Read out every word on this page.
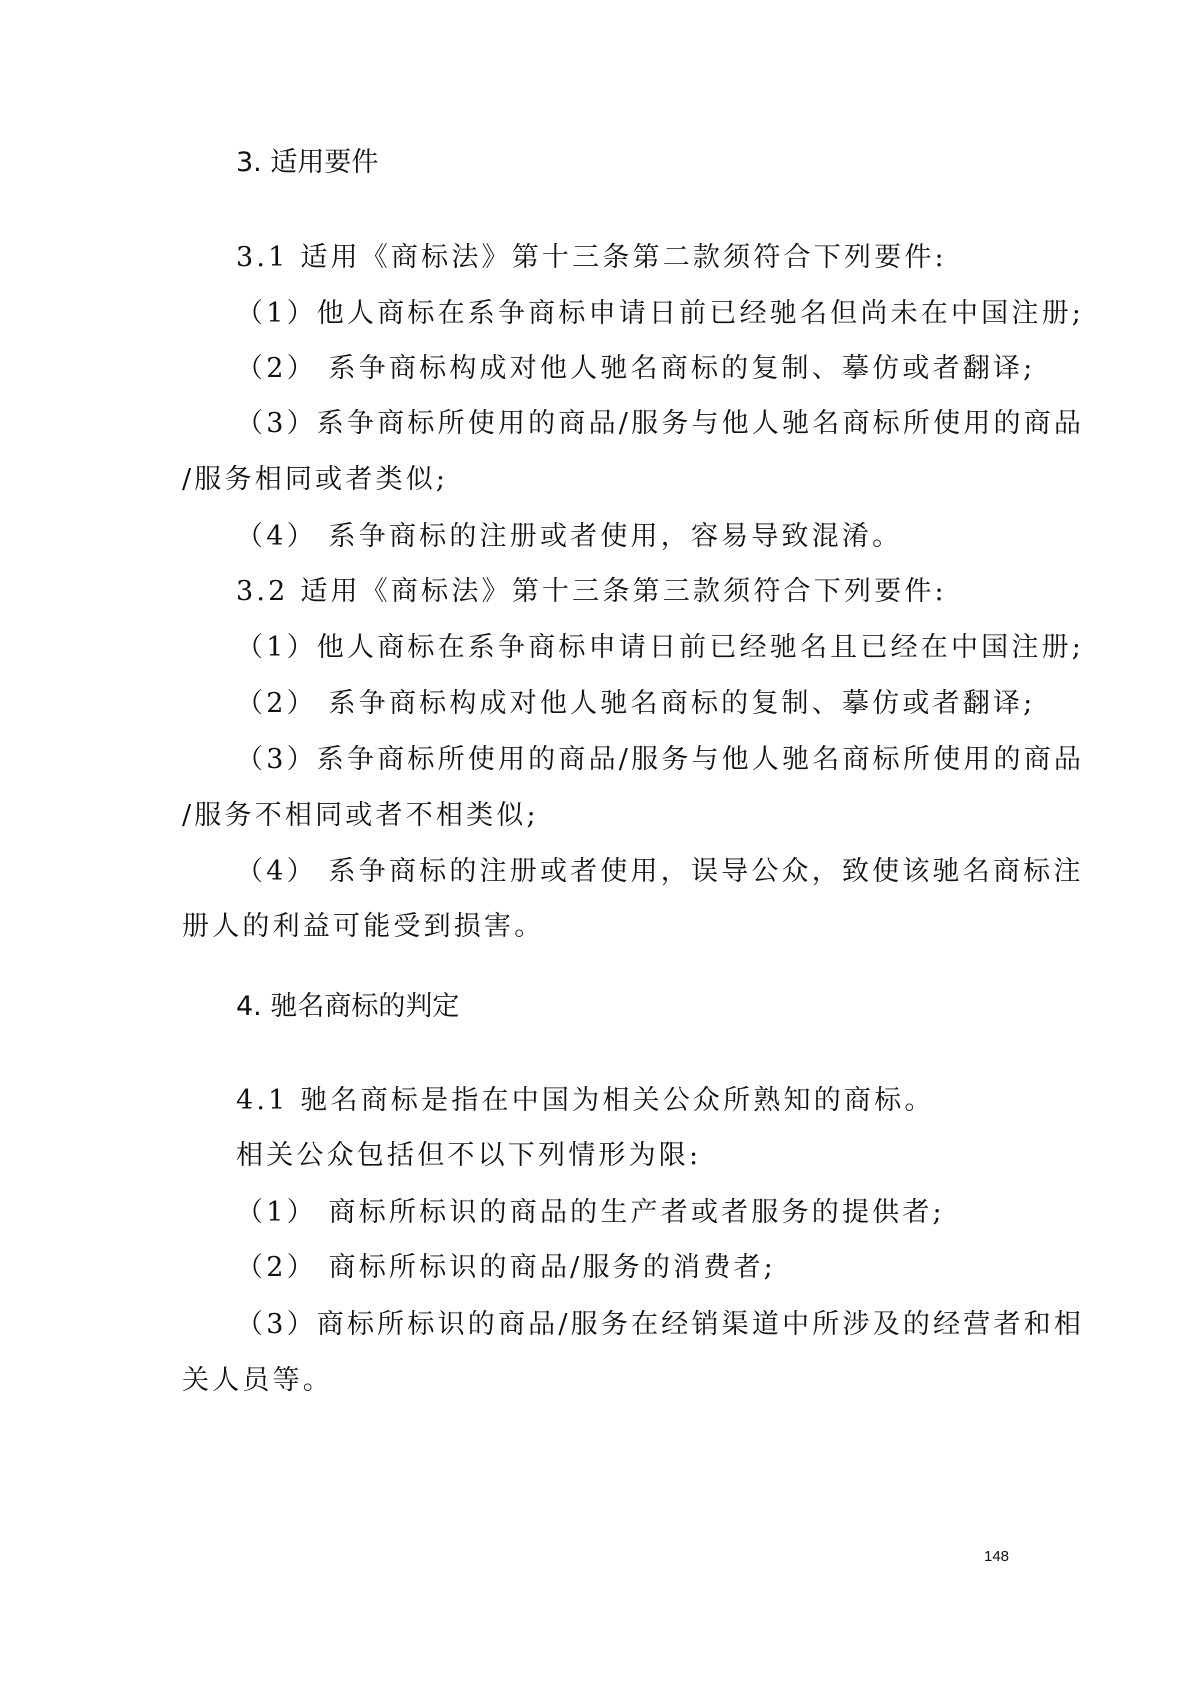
3. 适用要件
3.1 适用《商标法》第十三条第二款须符合下列要件:
（1）他人商标在系争商标申请日前已经驰名但尚未在中国注册;
（2） 系争商标构成对他人驰名商标的复制、摹仿或者翻译;
（3）系争商标所使用的商品/服务与他人驰名商标所使用的商品
/服务相同或者类似;
（4） 系争商标的注册或者使用，容易导致混淆。
3.2 适用《商标法》第十三条第三款须符合下列要件:
（1）他人商标在系争商标申请日前已经驰名且已经在中国注册;
（2） 系争商标构成对他人驰名商标的复制、摹仿或者翻译;
（3）系争商标所使用的商品/服务与他人驰名商标所使用的商品
/服务不相同或者不相类似;
（4） 系争商标的注册或者使用，误导公众，致使该驰名商标注
册人的利益可能受到损害。
4. 驰名商标的判定
4.1 驰名商标是指在中国为相关公众所熟知的商标。
相关公众包括但不以下列情形为限:
（1） 商标所标识的商品的生产者或者服务的提供者;
（2） 商标所标识的商品/服务的消费者;
（3）商标所标识的商品/服务在经销渠道中所涉及的经营者和相
关人员等。
148
